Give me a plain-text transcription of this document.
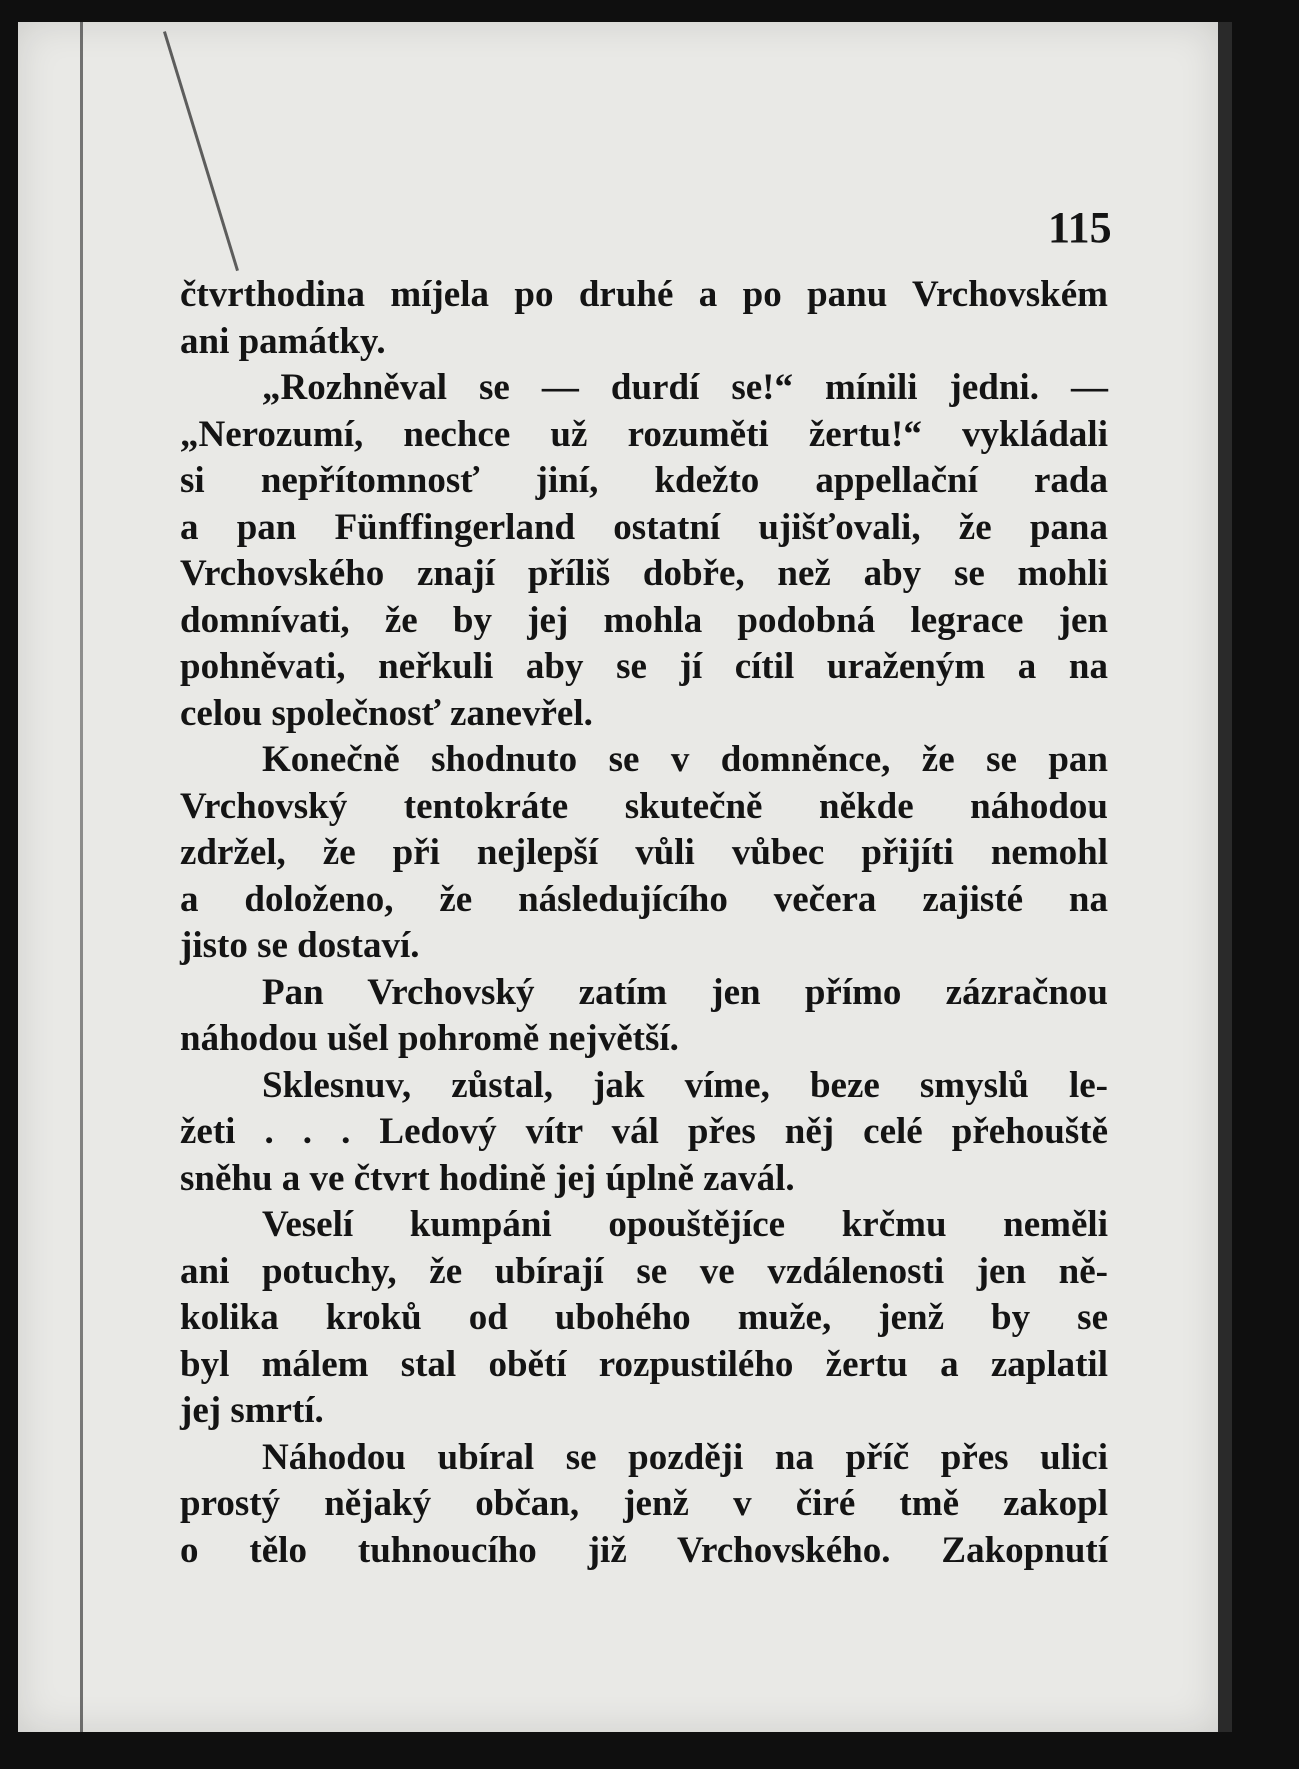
115
čtvrthodina míjela po druhé a po panu Vrchovském
ani památky.
„Rozhněval se — durdí se!“ mínili jedni. —
„Nerozumí, nechce už rozuměti žertu!“ vykládali
si nepřítomnosť jiní, kdežto appellační rada
a pan Fünffingerland ostatní ujišťovali, že pana
Vrchovského znají příliš dobře, než aby se mohli
domnívati, že by jej mohla podobná legrace jen
pohněvati, neřkuli aby se jí cítil uraženým a na
celou společnosť zanevřel.
Konečně shodnuto se v domněnce, že se pan
Vrchovský tentokráte skutečně někde náhodou
zdržel, že při nejlepší vůli vůbec přijíti nemohl
a doloženo, že následujícího večera zajisté na
jisto se dostaví.
Pan Vrchovský zatím jen přímo zázračnou
náhodou ušel pohromě největší.
Sklesnuv, zůstal, jak víme, beze smyslů le-
žeti . . . Ledový vítr vál přes něj celé přehouště
sněhu a ve čtvrt hodině jej úplně zavál.
Veselí kumpáni opouštějíce krčmu neměli
ani potuchy, že ubírají se ve vzdálenosti jen ně-
kolika kroků od ubohého muže, jenž by se
byl málem stal obětí rozpustilého žertu a zaplatil
jej smrtí.
Náhodou ubíral se později na příč přes ulici
prostý nějaký občan, jenž v čiré tmě zakopl
o tělo tuhnoucího již Vrchovského. Zakopnutí
